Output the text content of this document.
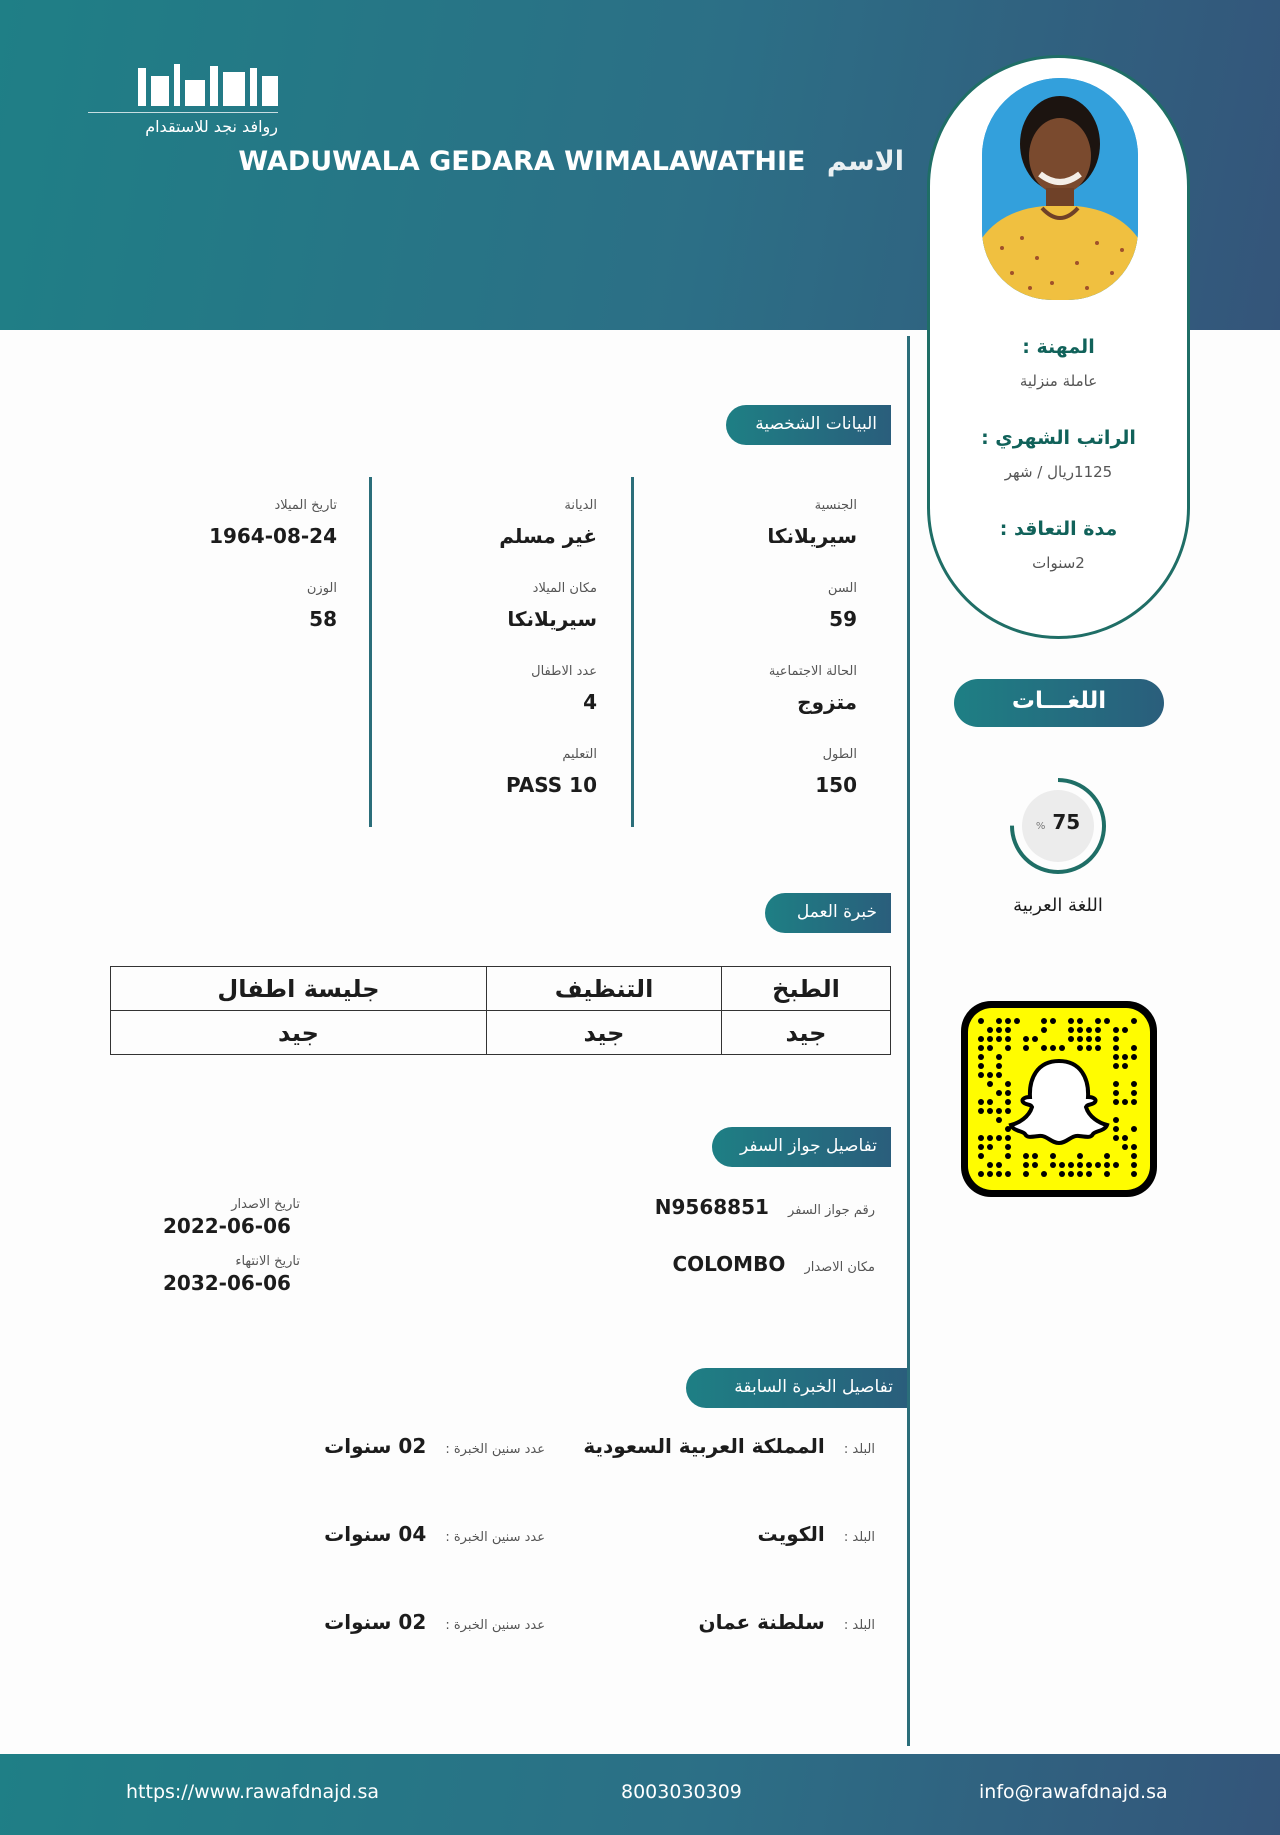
روافد نجد للاستقدام
الاسم WADUWALA GEDARA WIMALAWATHIE
المهنة :
عاملة منزلية
الراتب الشهري :
1125ريال / شهر
مدة التعاقد :
2سنوات
البيانات الشخصية
الجنسية
سيريلانكا
السن
59
الحالة الاجتماعية
متزوج
الطول
150
الديانة
غير مسلم
مكان الميلاد
سيريلانكا
عدد الاطفال
4
التعليم
PASS 10
تاريخ الميلاد
1964-08-24
الوزن
58
اللغـــات
% 75
اللغة العربية
خبرة العمل
الطبخ	التنظيف	جليسة اطفال
جيد	جيد	جيد
تفاصيل جواز السفر
رقم جواز السفر N9568851
مكان الاصدار COLOMBO
تاريخ الاصدار
2022-06-06
تاريخ الانتهاء
2032-06-06
تفاصيل الخبرة السابقة
البلد : المملكة العربية السعودية
عدد سنين الخبرة : 02 سنوات
البلد : الكويت
عدد سنين الخبرة : 04 سنوات
البلد : سلطنة عمان
عدد سنين الخبرة : 02 سنوات
https://www.rawafdnajd.sa	8003030309	info@rawafdnajd.sa
